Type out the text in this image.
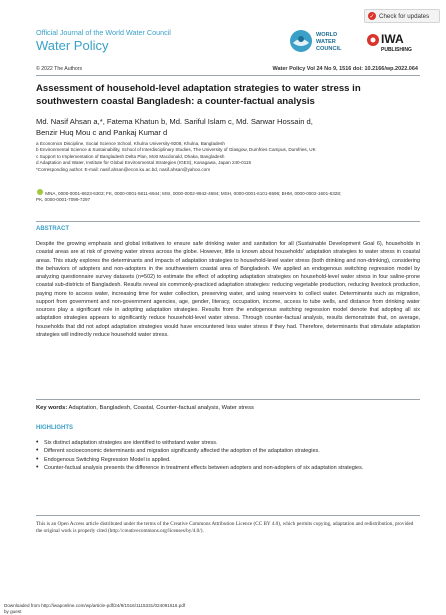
Official Journal of the World Water Council
Water Policy
✓ Check for updates
WORLD
WATER
COUNCIL
IWA
PUBLISHING
© 2022 The Authors	Water Policy Vol 24 No 9, 1516 doi: 10.2166/wp.2022.064
Assessment of household-level adaptation strategies to water stress in southwestern coastal Bangladesh: a counter-factual analysis
Md. Nasif Ahsan a,*, Fatema Khatun b, Md. Sariful Islam c, Md. Sarwar Hossain d,
Benzir Huq Mou c and Pankaj Kumar d
a Economics Discipline, Social Science School, Khulna University-9208, Khulna, Bangladesh
b Environmental Science & Sustainability, School of Interdisciplinary Studies, The University of Glasgow, Dumfries Campus, Dumfries, UK
c Support to Implementation of Bangladesh Delta Plan, Mott Macdonald, Dhaka, Bangladesh
d Adaptation and Water, Institute for Global Environmental Strategies (IGES), Kanagawa, Japan 240-0115
*Corresponding author. E-mail: nasif.ahsan@econ.ku.ac.bd, nasif.ahsan@yahoo.com
MNA, 0000-0001-8623-6303; FK, 0000-0001-5811-6944; MSI, 0000-0002-9942-4684; MSH, 0000-0001-6101-6596; BHM, 0000-0002-1601-6328;
PK, 0000-0001-7099-7297
ABSTRACT
Despite the growing emphasis and global initiatives to ensure safe drinking water and sanitation for all (Sustainable Development Goal 6), households in coastal areas are at risk of growing water stress across the globe. However, little is known about households' adaptation strategies to water stress in coastal areas. This study explores the determinants and impacts of adaptation strategies to household-level water stress (both drinking and non-drinking), considering the behaviors of adopters and non-adopters in the southwestern coastal area of Bangladesh. We applied an endogenous switching regression model by analyzing questionnaire survey datasets (n=502) to estimate the effect of adopting adaptation strategies on household-level water stress in four saline-prone coastal sub-districts of Bangladesh. Results reveal six commonly-practiced adaptation strategies: reducing vegetable production, reducing livestock production, paying more to access water, increasing time for water collection, preserving water, and using reservoirs to collect water. Determinants such as migration, support from government and non-government agencies, age, gender, literacy, occupation, income, access to tube wells, and distance from drinking water sources play a significant role in adopting adaptation strategies. Results from the endogenous switching regression model denote that adopting all six adaptation strategies appears to significantly reduce household-level water stress. Through counter-factual analysis, results demonstrate that, on average, households that did not adopt adaptation strategies would have encountered less water stress if they had. Therefore, determinants that stimulate adaptation strategies will indirectly reduce household water stress.
Key words: Adaptation, Bangladesh, Coastal, Counter-factual analysis, Water stress
HIGHLIGHTS
• Six distinct adaptation strategies are identified to withstand water stress.
• Different socioeconomic determinants and migration significantly affected the adoption of the adaptation strategies.
• Endogenous Switching Regression Model is applied.
• Counter-factual analysis presents the difference in treatment effects between adopters and non-adopters of six adaptation strategies.
This is an Open Access article distributed under the terms of the Creative Commons Attribution Licence (CC BY 4.0), which permits copying, adaptation and redistribution, provided the original work is properly cited (http://creativecommons.org/licenses/by/4.0/).
Downloaded from http://iwaponline.com/wp/article-pdf/24/9/1516/1115331/024091516.pdf
by guest
